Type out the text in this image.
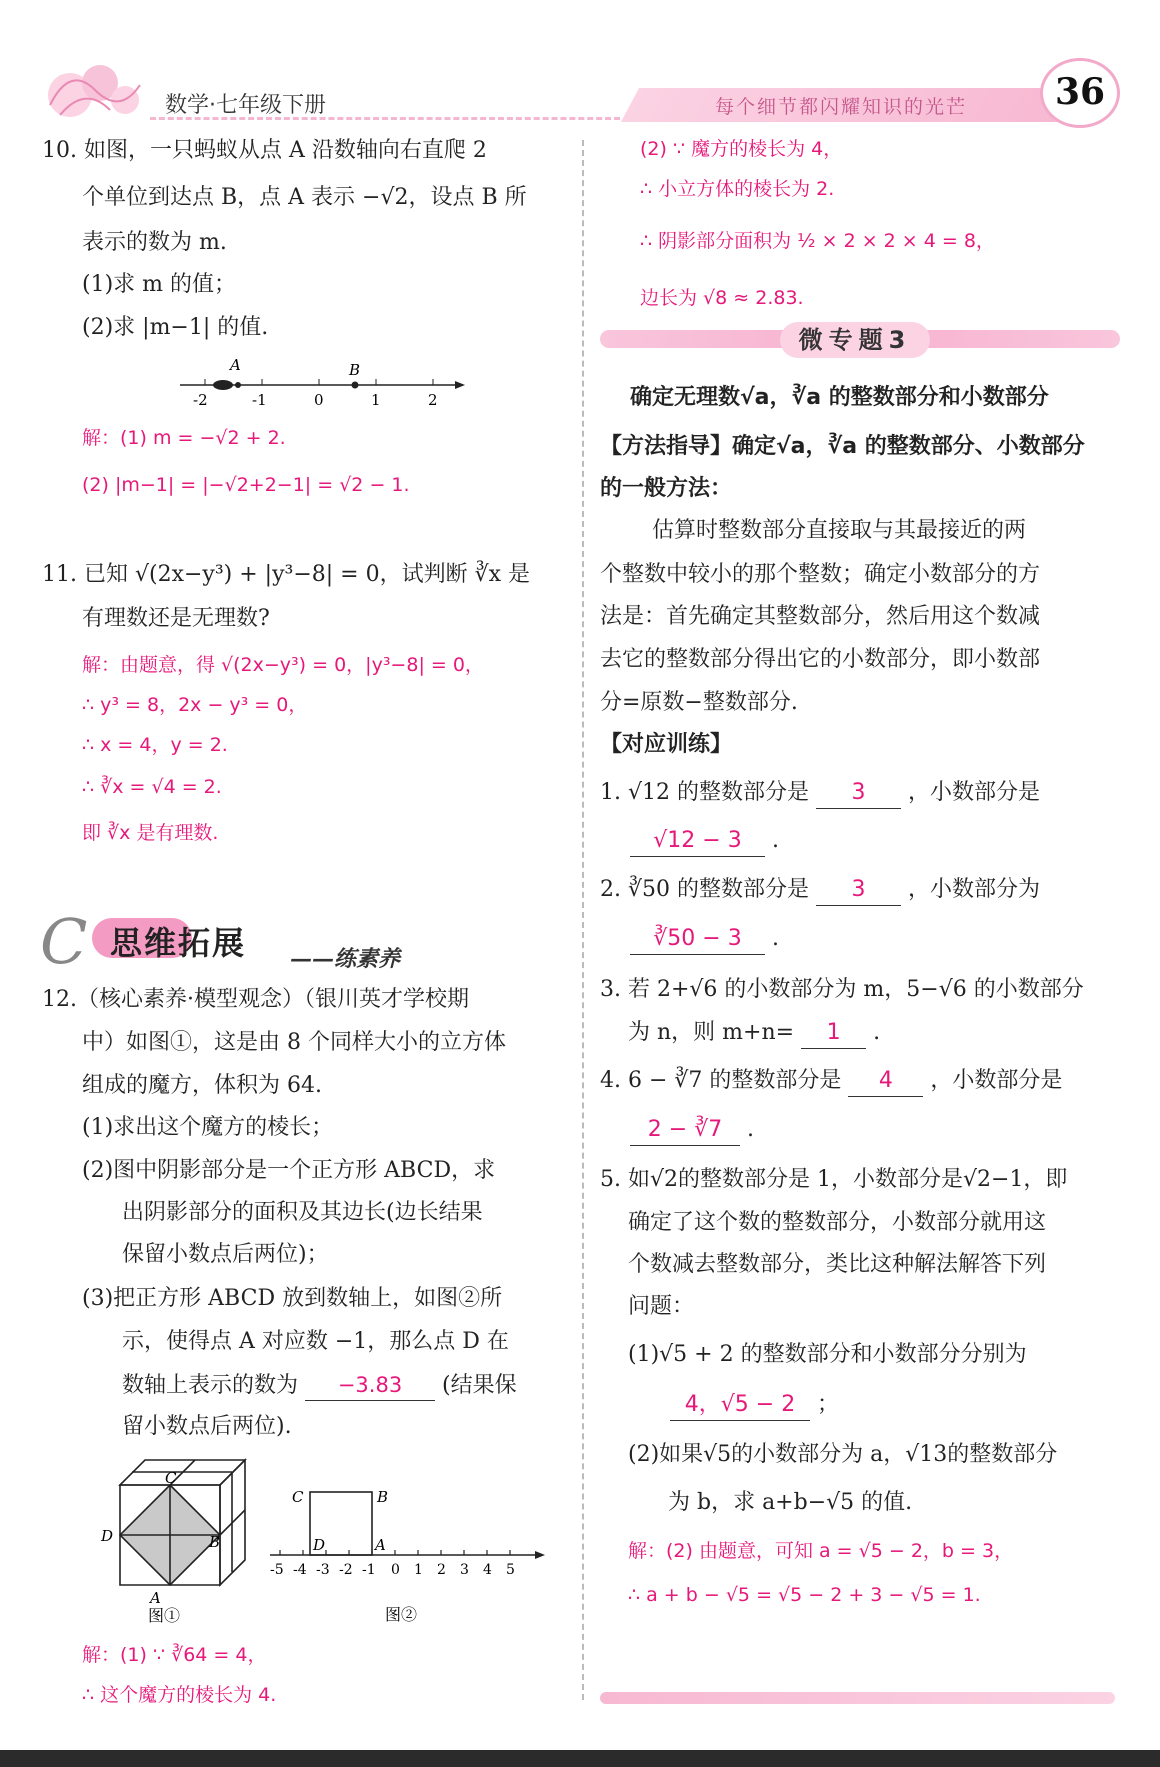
数学·七年级下册	每个细节都闪耀知识的光芒	36
10. 如图，一只蚂蚁从点 A 沿数轴向右直爬 2
个单位到达点 B，点 A 表示 −√2，设点 B 所
表示的数为 m.
(1)求 m 的值；
(2)求 |m−1| 的值.
A	B
-2	-1	0	1	2
解：(1) m = −√2 + 2.
(2) |m−1| = |−√2+2−1| = √2 − 1.
11. 已知 √(2x−y³) + |y³−8| = 0，试判断 ∛x 是
有理数还是无理数?
解：由题意，得 √(2x−y³) = 0，|y³−8| = 0，
∴ y³ = 8，2x − y³ = 0，
∴ x = 4，y = 2.
∴ ∛x = √4 = 2.
即 ∛x 是有理数.
C 思维拓展 ——练素养
12.（核心素养·模型观念）（银川英才学校期
中）如图①，这是由 8 个同样大小的立方体
组成的魔方，体积为 64.
(1)求出这个魔方的棱长；
(2)图中阴影部分是一个正方形 ABCD，求
出阴影部分的面积及其边长(边长结果
保留小数点后两位)；
(3)把正方形 ABCD 放到数轴上，如图②所
示，使得点 A 对应数 −1，那么点 D 在
数轴上表示的数为 −3.83 (结果保
留小数点后两位).
C
D	B
A
图①
C	B
D	A
-5 -4 -3 -2 -1 0 1 2 3 4 5
图②
解：(1) ∵ ∛64 = 4，
∴ 这个魔方的棱长为 4.
(2) ∵ 魔方的棱长为 4，
∴ 小立方体的棱长为 2.
∴ 阴影部分面积为 ½ × 2 × 2 × 4 = 8，
边长为 √8 ≈ 2.83.
微专题3
确定无理数√a，∛a 的整数部分和小数部分
【方法指导】确定√a，∛a 的整数部分、小数部分
的一般方法：
估算时整数部分直接取与其最接近的两
个整数中较小的那个整数；确定小数部分的方
法是：首先确定其整数部分，然后用这个数减
去它的整数部分得出它的小数部分，即小数部
分=原数−整数部分.
【对应训练】
1. √12 的整数部分是 3 ，小数部分是
√12 − 3 .
2. ∛50 的整数部分是 3 ，小数部分为
∛50 − 3 .
3. 若 2+√6 的小数部分为 m，5−√6 的小数部分
为 n，则 m+n= 1 .
4. 6 − ∛7 的整数部分是 4 ，小数部分是
2 − ∛7 .
5. 如√2的整数部分是 1，小数部分是√2−1，即
确定了这个数的整数部分，小数部分就用这
个数减去整数部分，类比这种解法解答下列
问题：
(1)√5 + 2 的整数部分和小数部分分别为
4，√5 − 2 ；
(2)如果√5的小数部分为 a，√13的整数部分
为 b，求 a+b−√5 的值.
解：(2) 由题意，可知 a = √5 − 2，b = 3，
∴ a + b − √5 = √5 − 2 + 3 − √5 = 1.
